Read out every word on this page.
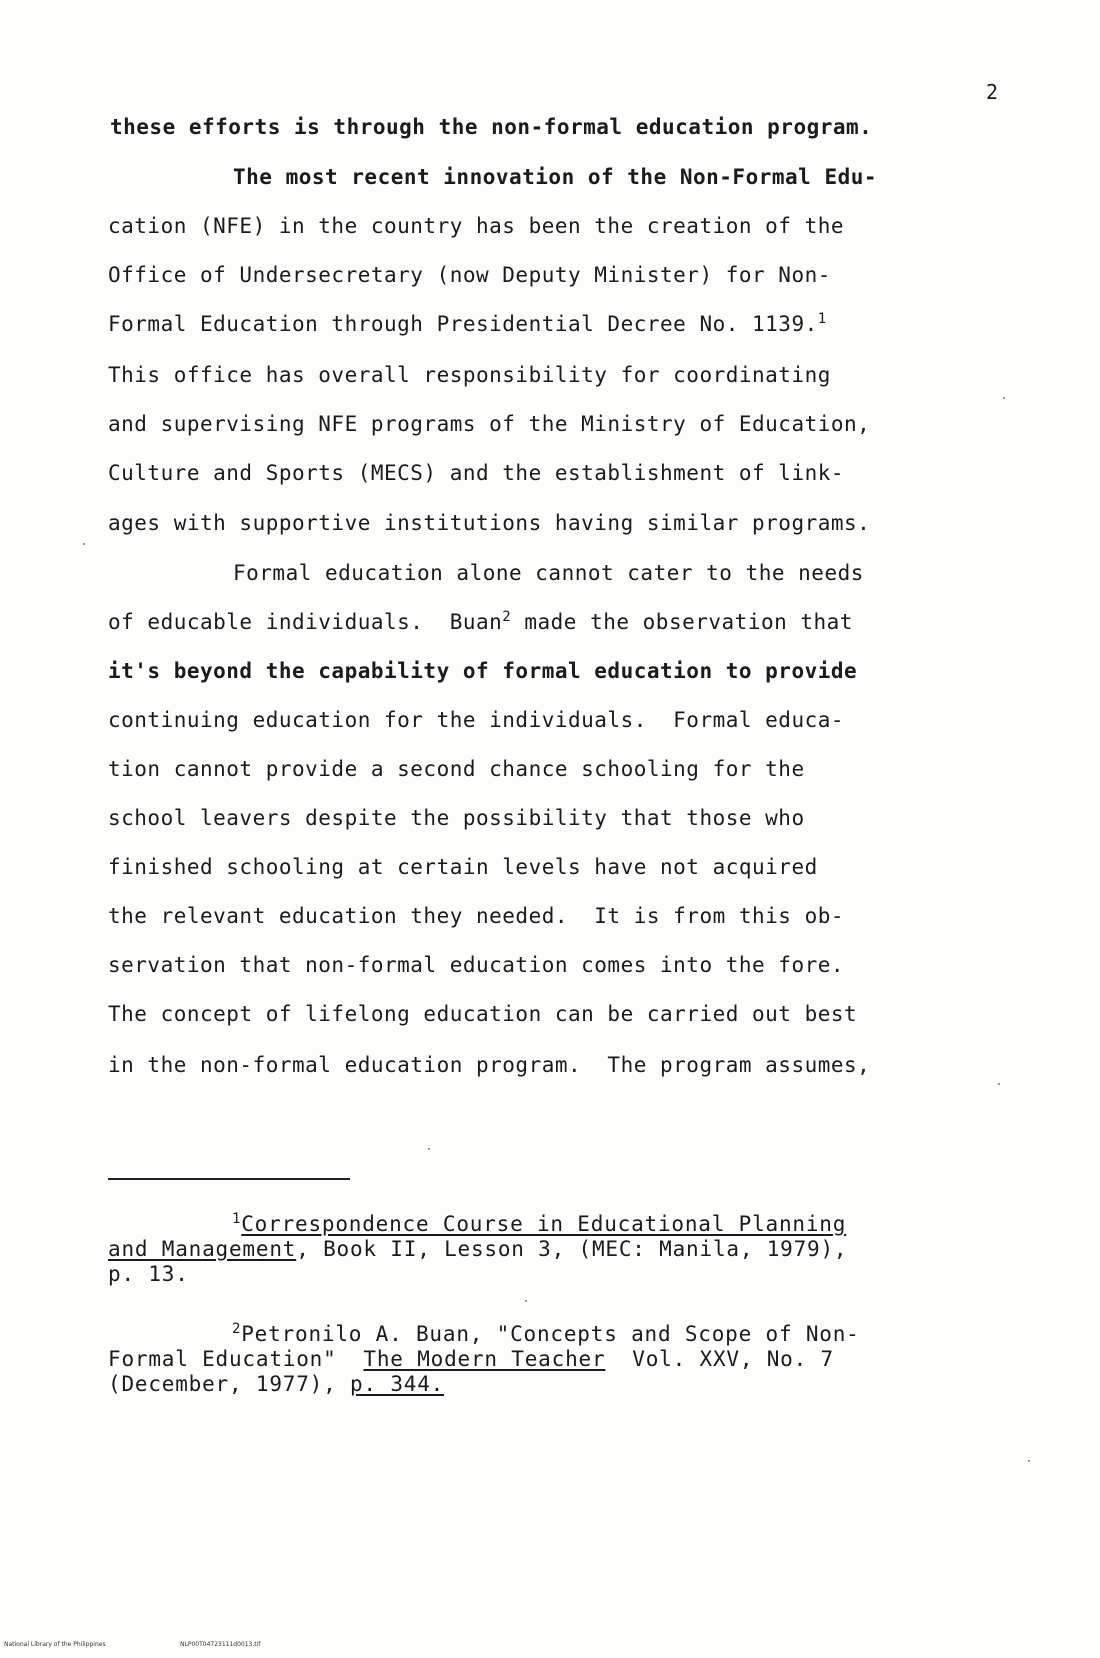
2
these efforts is through the non-formal education program.
The most recent innovation of the Non-Formal Edu-
cation (NFE) in the country has been the creation of the
Office of Undersecretary (now Deputy Minister) for Non-
Formal Education through Presidential Decree No. 1139.$^1$
This office has overall responsibility for coordinating
and supervising NFE programs of the Ministry of Education,
Culture and Sports (MECS) and the establishment of link-
ages with supportive institutions having similar programs.
Formal education alone cannot cater to the needs
of educable individuals.  Buan$^2$ made the observation that
it's beyond the capability of formal education to provide
continuing education for the individuals.  Formal educa-
tion cannot provide a second chance schooling for the
school leavers despite the possibility that those who
finished schooling at certain levels have not acquired
the relevant education they needed.  It is from this ob-
servation that non-formal education comes into the fore.
The concept of lifelong education can be carried out best
in the non-formal education program.  The program assumes,
$^1$Correspondence Course in Educational Planning
and Management, Book II, Lesson 3, (MEC: Manila, 1979),
p. 13.
$^2$Petronilo A. Buan, "Concepts and Scope of Non-
Formal Education"  The Modern Teacher  Vol. XXV, No. 7
(December, 1977), p. 344.
National Library of the Philippines	NLP00T04723111d0013.tif
